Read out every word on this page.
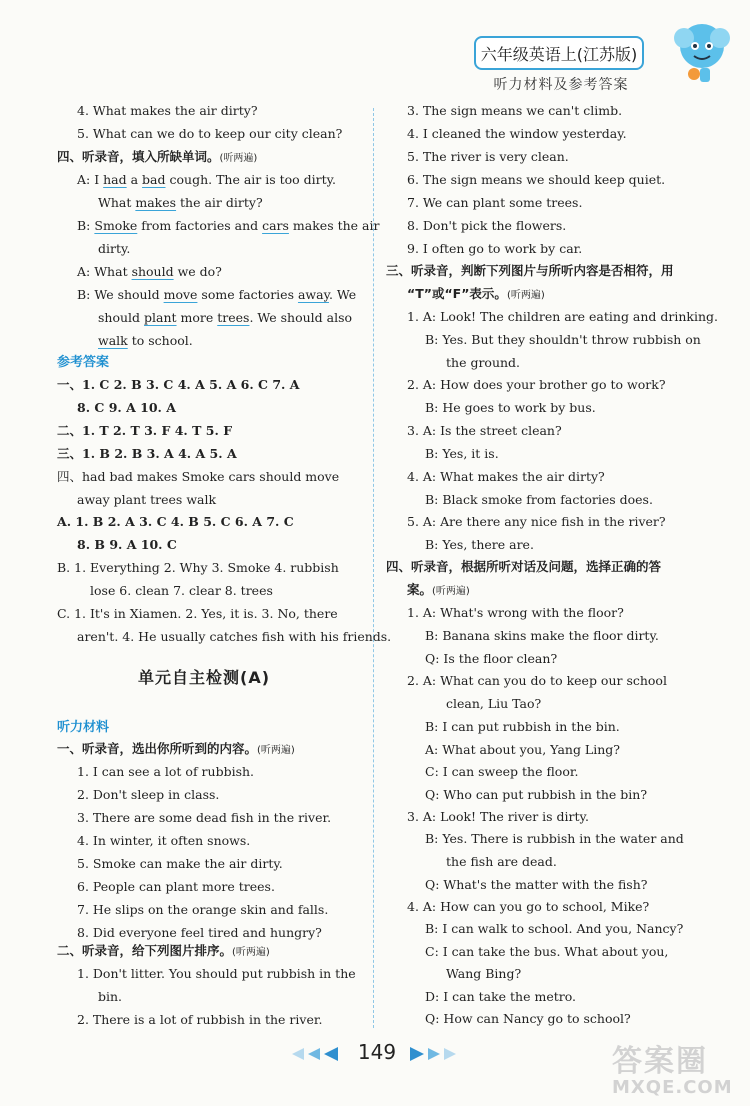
六年级英语上(江苏版)
听力材料及参考答案
4. What makes the air dirty?
5. What can we do to keep our city clean?
四、听录音，填入所缺单词。(听两遍)
A: I had a bad cough. The air is too dirty.
What makes the air dirty?
B: Smoke from factories and cars makes the air
dirty.
A: What should we do?
B: We should move some factories away. We
should plant more trees. We should also
walk to school.
参考答案
一、1. C 2. B 3. C 4. A 5. A 6. C 7. A
8. C 9. A 10. A
二、1. T 2. T 3. F 4. T 5. F
三、1. B 2. B 3. A 4. A 5. A
四、had bad makes Smoke cars should move
away plant trees walk
A. 1. B 2. A 3. C 4. B 5. C 6. A 7. C
8. B 9. A 10. C
B. 1. Everything 2. Why 3. Smoke 4. rubbish
lose 6. clean 7. clear 8. trees
C. 1. It's in Xiamen. 2. Yes, it is. 3. No, there
aren't. 4. He usually catches fish with his friends.
单元自主检测(A)
听力材料
一、听录音，选出你所听到的内容。(听两遍)
1. I can see a lot of rubbish.
2. Don't sleep in class.
3. There are some dead fish in the river.
4. In winter, it often snows.
5. Smoke can make the air dirty.
6. People can plant more trees.
7. He slips on the orange skin and falls.
8. Did everyone feel tired and hungry?
二、听录音，给下列图片排序。(听两遍)
1. Don't litter. You should put rubbish in the
bin.
2. There is a lot of rubbish in the river.
3. The sign means we can't climb.
4. I cleaned the window yesterday.
5. The river is very clean.
6. The sign means we should keep quiet.
7. We can plant some trees.
8. Don't pick the flowers.
9. I often go to work by car.
三、听录音，判断下列图片与所听内容是否相符，用
“T”或“F”表示。(听两遍)
1. A: Look! The children are eating and drinking.
B: Yes. But they shouldn't throw rubbish on
the ground.
2. A: How does your brother go to work?
B: He goes to work by bus.
3. A: Is the street clean?
B: Yes, it is.
4. A: What makes the air dirty?
B: Black smoke from factories does.
5. A: Are there any nice fish in the river?
B: Yes, there are.
四、听录音，根据所听对话及问题，选择正确的答
案。(听两遍)
1. A: What's wrong with the floor?
B: Banana skins make the floor dirty.
Q: Is the floor clean?
2. A: What can you do to keep our school
clean, Liu Tao?
B: I can put rubbish in the bin.
A: What about you, Yang Ling?
C: I can sweep the floor.
Q: Who can put rubbish in the bin?
3. A: Look! The river is dirty.
B: Yes. There is rubbish in the water and
the fish are dead.
Q: What's the matter with the fish?
4. A: How can you go to school, Mike?
B: I can walk to school. And you, Nancy?
C: I can take the bus. What about you,
Wang Bing?
D: I can take the metro.
Q: How can Nancy go to school?
149	答案圈
MXQE.COM
